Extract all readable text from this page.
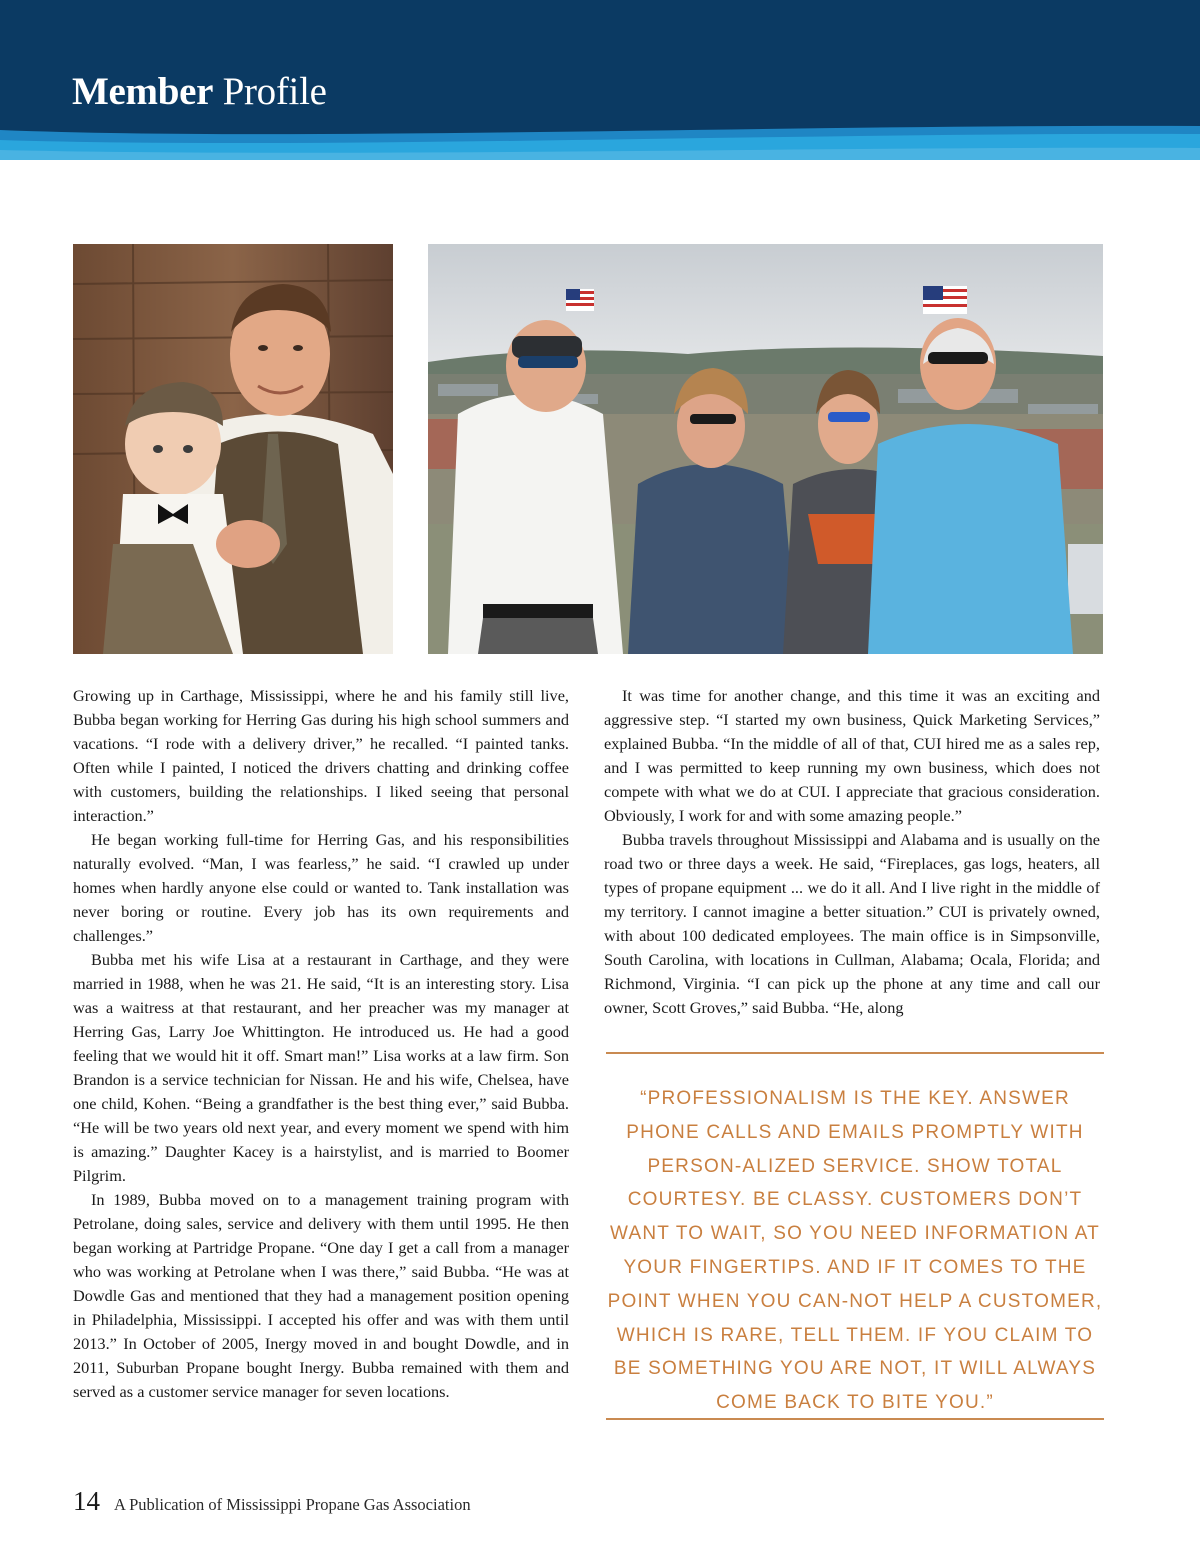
Member Profile

Growing up in Carthage, Mississippi, where he and his family still live, Bubba began working for Herring Gas during his high school summers and vacations. “I rode with a delivery driver,” he recalled. “I painted tanks. Often while I painted, I noticed the drivers chatting and drinking coffee with customers, building the relationships. I liked seeing that personal interaction.”

He began working full-time for Herring Gas, and his responsibilities naturally evolved. “Man, I was fearless,” he said. “I crawled up under homes when hardly anyone else could or wanted to. Tank installation was never boring or routine. Every job has its own requirements and challenges.”

Bubba met his wife Lisa at a restaurant in Carthage, and they were married in 1988, when he was 21. He said, “It is an interesting story. Lisa was a waitress at that restaurant, and her preacher was my manager at Herring Gas, Larry Joe Whittington. He introduced us. He had a good feeling that we would hit it off. Smart man!” Lisa works at a law firm. Son Brandon is a service technician for Nissan. He and his wife, Chelsea, have one child, Kohen. “Being a grandfather is the best thing ever,” said Bubba. “He will be two years old next year, and every moment we spend with him is amazing.” Daughter Kacey is a hairstylist, and is married to Boomer Pilgrim.

In 1989, Bubba moved on to a management training program with Petrolane, doing sales, service and delivery with them until 1995. He then began working at Partridge Propane. “One day I get a call from a manager who was working at Petrolane when I was there,” said Bubba. “He was at Dowdle Gas and mentioned that they had a management position opening in Philadelphia, Mississippi. I accepted his offer and was with them until 2013.” In October of 2005, Inergy moved in and bought Dowdle, and in 2011, Suburban Propane bought Inergy. Bubba remained with them and served as a customer service manager for seven locations.

It was time for another change, and this time it was an exciting and aggressive step. “I started my own business, Quick Marketing Services,” explained Bubba. “In the middle of all of that, CUI hired me as a sales rep, and I was permitted to keep running my own business, which does not compete with what we do at CUI. I appreciate that gracious consideration. Obviously, I work for and with some amazing people.”

Bubba travels throughout Mississippi and Alabama and is usually on the road two or three days a week. He said, “Fireplaces, gas logs, heaters, all types of propane equipment ... we do it all. And I live right in the middle of my territory. I cannot imagine a better situation.” CUI is privately owned, with about 100 dedicated employees. The main office is in Simpsonville, South Carolina, with locations in Cullman, Alabama; Ocala, Florida; and Richmond, Virginia. “I can pick up the phone at any time and call our owner, Scott Groves,” said Bubba. “He, along

“PROFESSIONALISM IS THE KEY. ANSWER PHONE CALLS AND EMAILS PROMPTLY WITH PERSON-ALIZED SERVICE. SHOW TOTAL COURTESY. BE CLASSY. CUSTOMERS DON’T WANT TO WAIT, SO YOU NEED INFORMATION AT YOUR FINGERTIPS. AND IF IT COMES TO THE POINT WHEN YOU CAN-NOT HELP A CUSTOMER, WHICH IS RARE, TELL THEM. IF YOU CLAIM TO BE SOMETHING YOU ARE NOT, IT WILL ALWAYS COME BACK TO BITE YOU.”
14 A Publication of Mississippi Propane Gas Association
